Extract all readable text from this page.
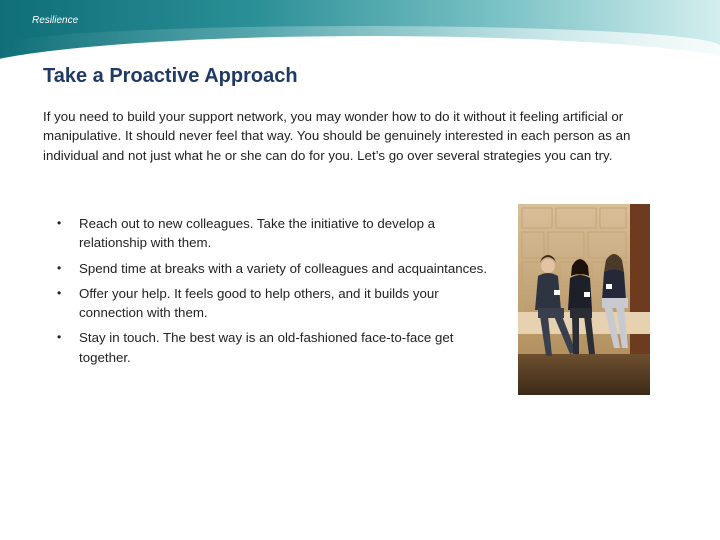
Resilience
Take a Proactive Approach
If you need to build your support network, you may wonder how to do it without it feeling artificial or manipulative. It should never feel that way. You should be genuinely interested in each person as an individual and not just what he or she can do for you. Let’s go over several strategies you can try.
• Reach out to new colleagues. Take the initiative to develop a relationship with them.
• Spend time at breaks with a variety of colleagues and acquaintances.
• Offer your help. It feels good to help others, and it builds your connection with them.
• Stay in touch. The best way is an old-fashioned face-to-face get together.
